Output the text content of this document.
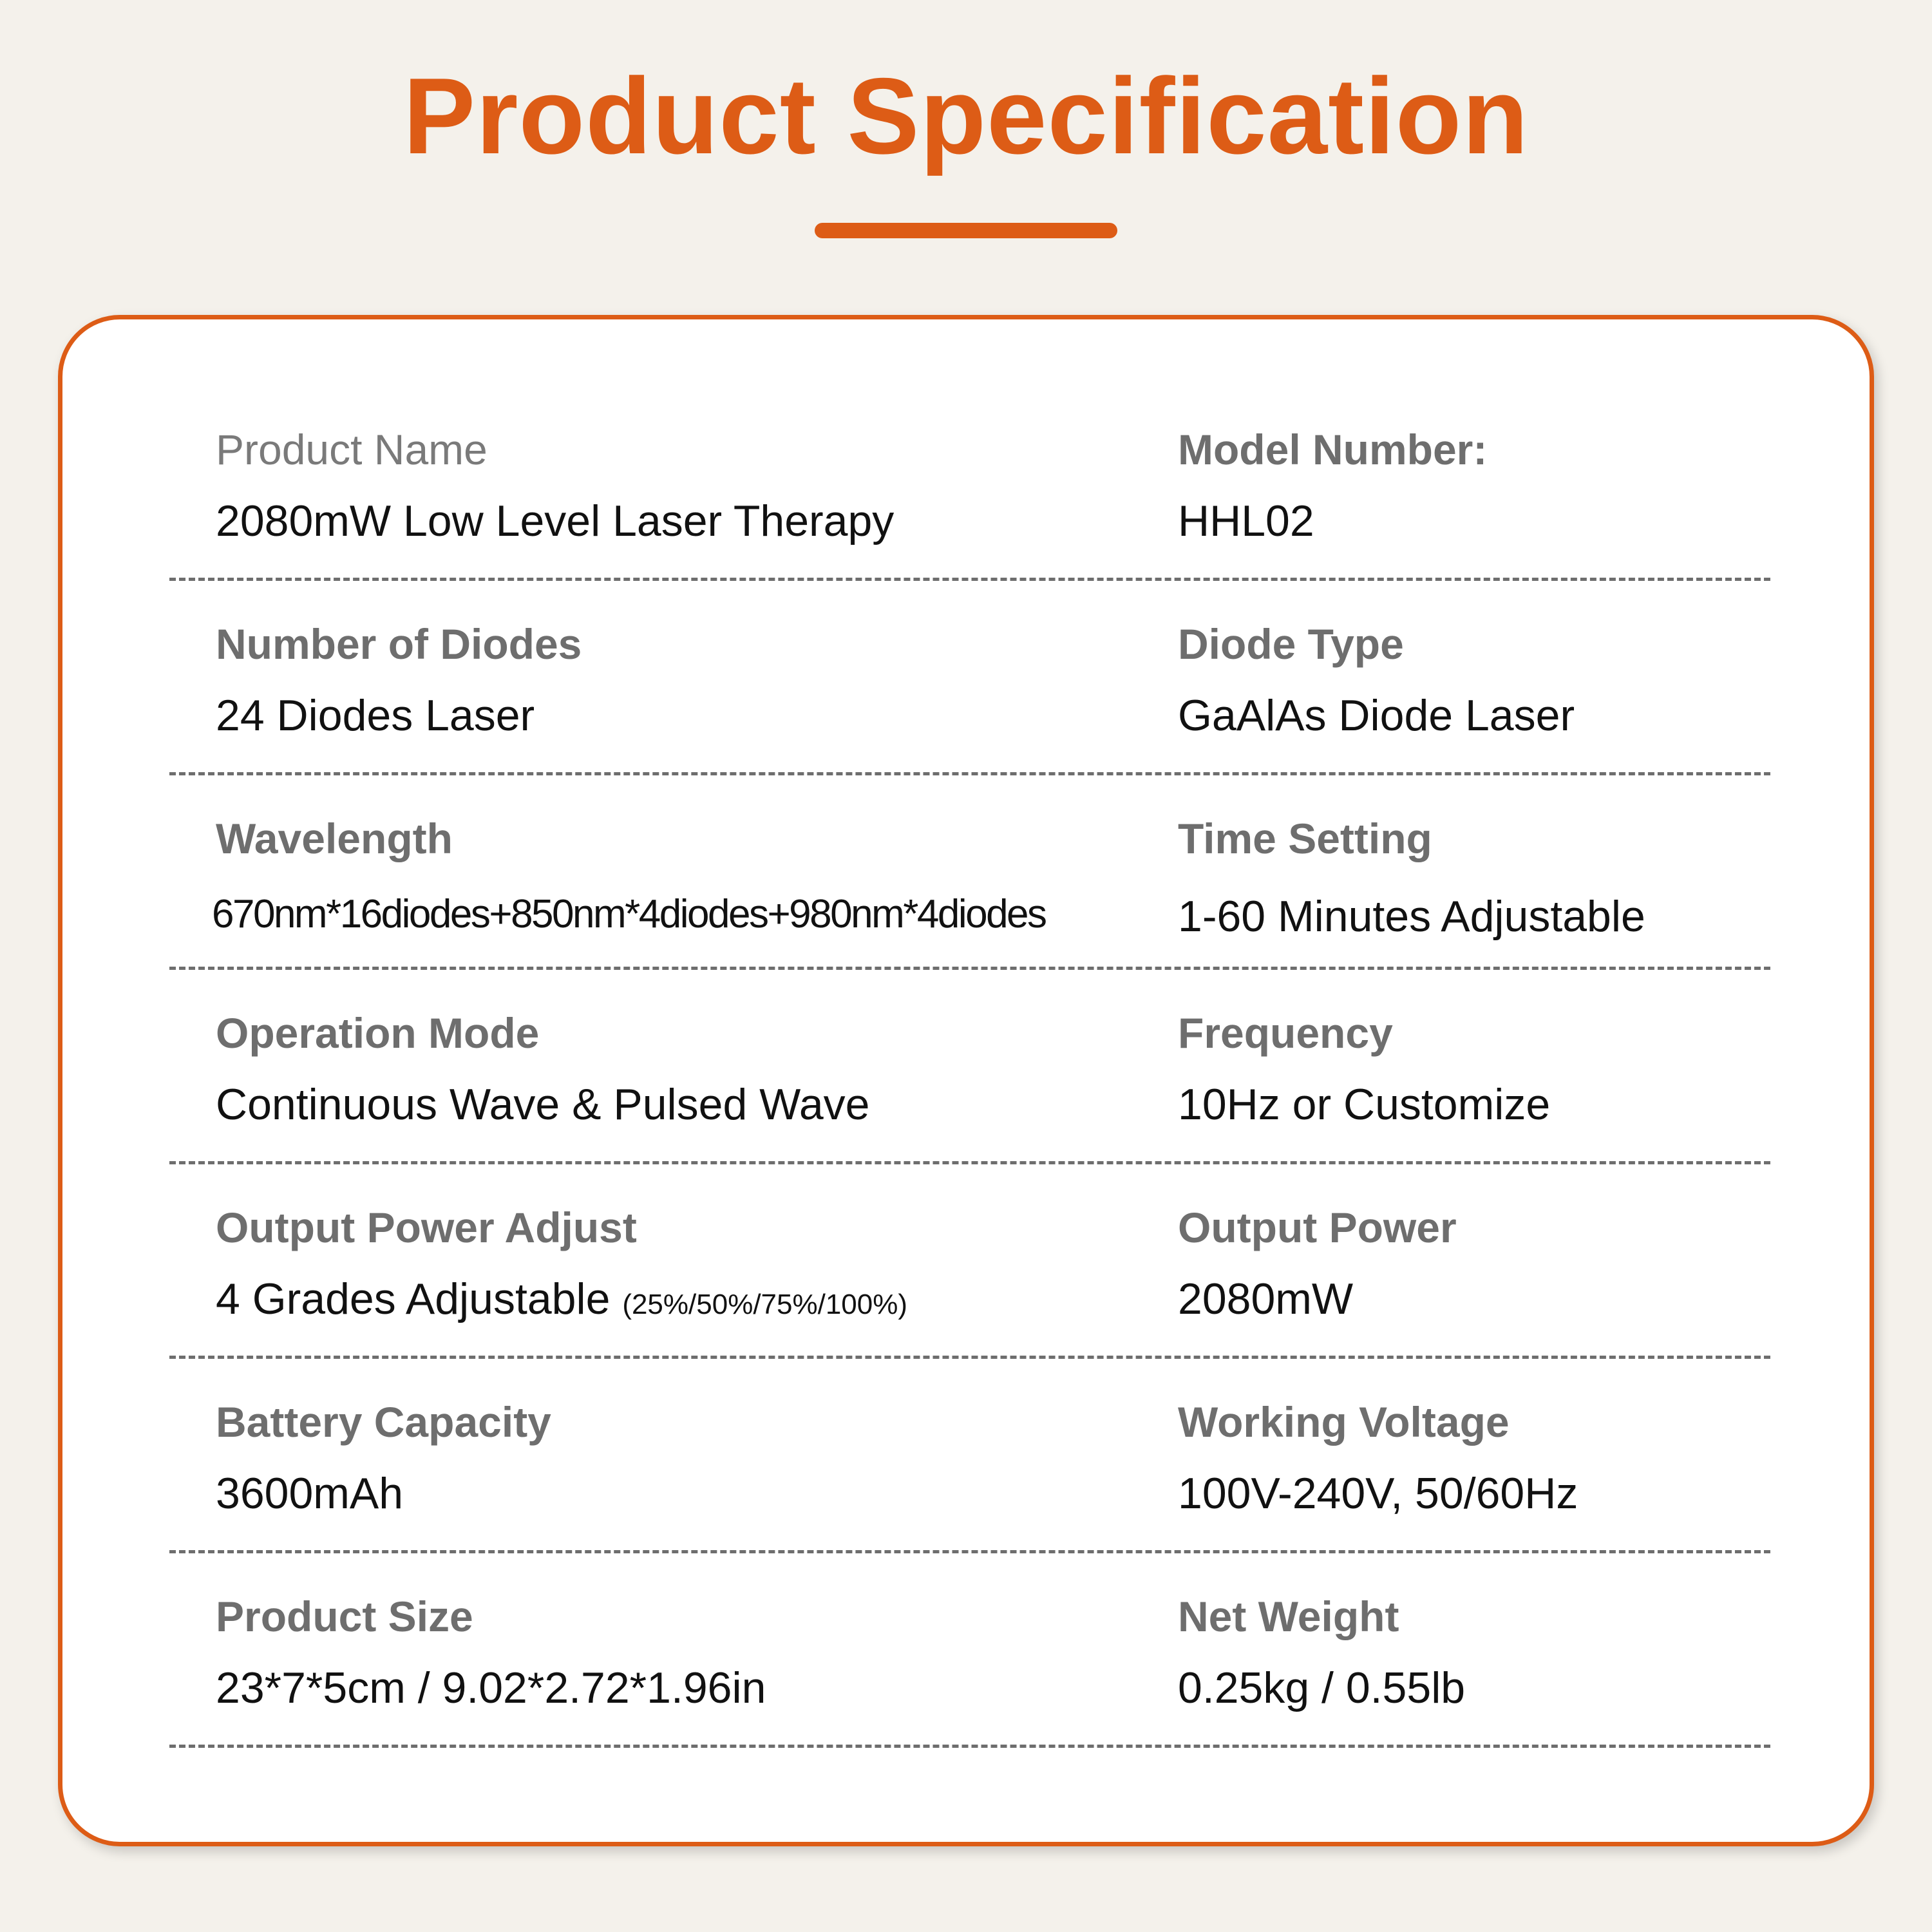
Product Specification
Product Name
2080mW Low Level Laser Therapy
Model Number:
HHL02
Number of Diodes
24 Diodes Laser
Diode Type
GaAlAs Diode Laser
Wavelength
670nm*16diodes+850nm*4diodes+980nm*4diodes
Time Setting
1-60 Minutes Adjustable
Operation Mode
Continuous Wave & Pulsed Wave
Frequency
10Hz or Customize
Output Power Adjust
4 Grades Adjustable (25%/50%/75%/100%)
Output Power
2080mW
Battery Capacity
3600mAh
Working Voltage
100V-240V, 50/60Hz
Product Size
23*7*5cm / 9.02*2.72*1.96in
Net Weight
0.25kg / 0.55lb
